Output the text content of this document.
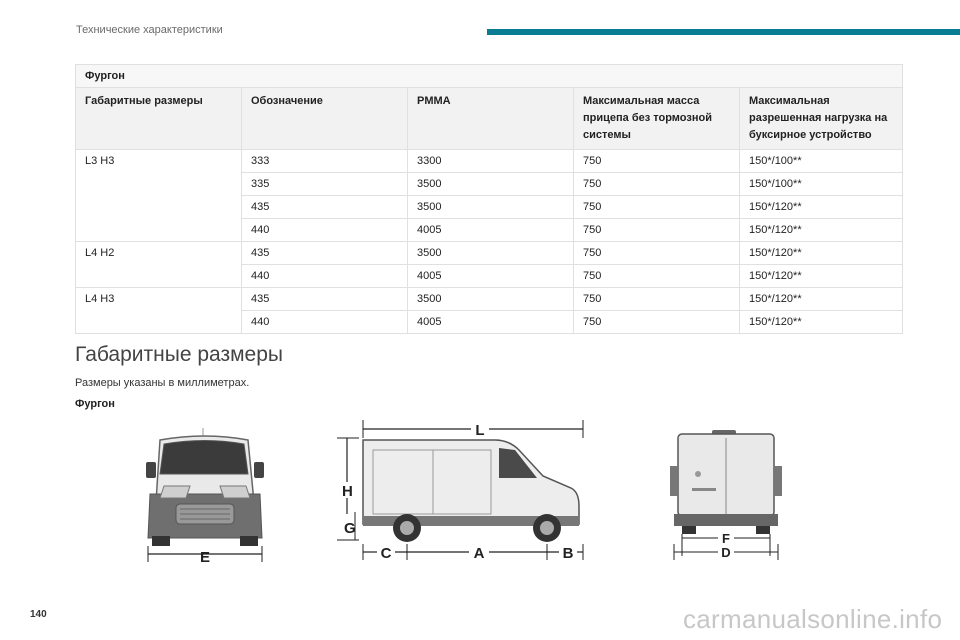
Технические характеристики
Фургон				
Габаритные размеры	Обозначение	PMMA	Максимальная масса прицепа без тормозной системы	Максимальная разрешенная нагрузка на буксирное устройство
L3 H3	333	3300	750	150*/100**
	335	3500	750	150*/100**
	435	3500	750	150*/120**
	440	4005	750	150*/120**
L4 H2	435	3500	750	150*/120**
	440	4005	750	150*/120**
L4 H3	435	3500	750	150*/120**
	440	4005	750	150*/120**
Габаритные размеры
Размеры указаны в миллиметрах.
Фургон
E
L
H
G
C	A	B
F
D
140	carmanualsonline.info
